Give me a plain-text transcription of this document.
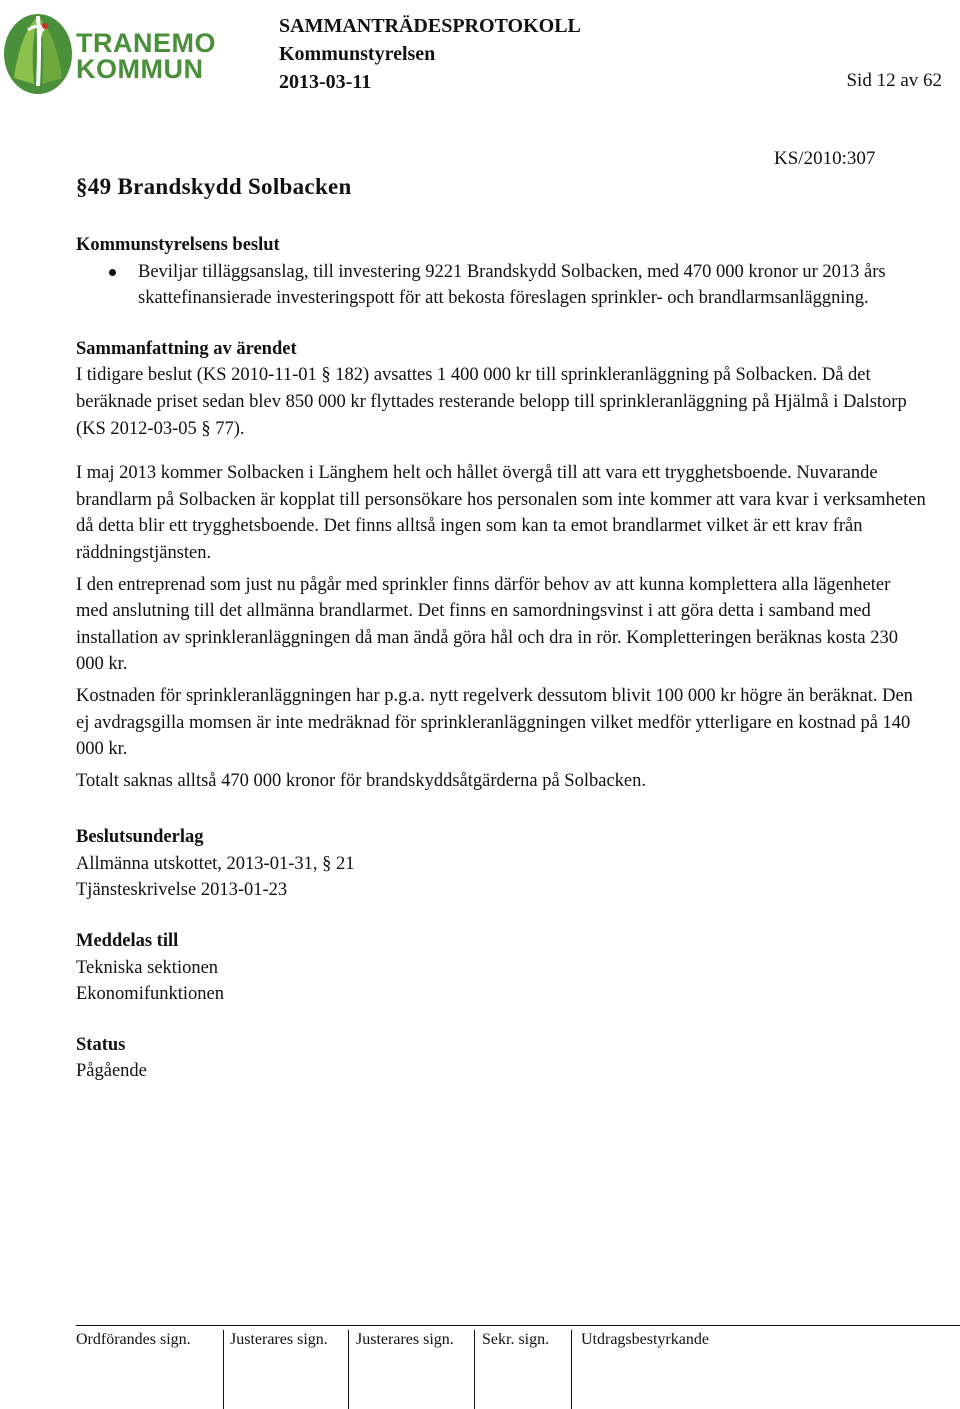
TRANEMO
KOMMUN
SAMMANTRÄDESPROTOKOLL
Kommunstyrelsen
2013-03-11	Sid 12 av 62
KS/2010:307
§49 Brandskydd Solbacken

Kommunstyrelsens beslut

Beviljar tilläggsanslag, till investering 9221 Brandskydd Solbacken, med 470 000 kronor ur 2013 års skattefinansierade investeringspott för att bekosta föreslagen sprinkler- och brandlarmsanläggning.

Sammanfattning av ärendet

I tidigare beslut (KS 2010-11-01 § 182) avsattes 1 400 000 kr till sprinkleranläggning på Solbacken. Då det beräknade priset sedan blev 850 000 kr flyttades resterande belopp till sprinkleranläggning på Hjälmå i Dalstorp (KS 2012-03-05 § 77).

I maj 2013 kommer Solbacken i Länghem helt och hållet övergå till att vara ett trygghetsboende. Nuvarande brandlarm på Solbacken är kopplat till personsökare hos personalen som inte kommer att vara kvar i verksamheten då detta blir ett trygghetsboende. Det finns alltså ingen som kan ta emot brandlarmet vilket är ett krav från räddningstjänsten.

I den entreprenad som just nu pågår med sprinkler finns därför behov av att kunna komplettera alla lägenheter med anslutning till det allmänna brandlarmet. Det finns en samordningsvinst i att göra detta i samband med installation av sprinkleranläggningen då man ändå göra hål och dra in rör. Kompletteringen beräknas kosta 230 000 kr.

Kostnaden för sprinkleranläggningen har p.g.a. nytt regelverk dessutom blivit 100 000 kr högre än beräknat. Den ej avdragsgilla momsen är inte medräknad för sprinkleranläggningen vilket medför ytterligare en kostnad på 140 000 kr.

Totalt saknas alltså 470 000 kronor för brandskyddsåtgärderna på Solbacken.

Beslutsunderlag

Allmänna utskottet, 2013-01-31, § 21

Tjänsteskrivelse 2013-01-23

Meddelas till

Tekniska sektionen

Ekonomifunktionen

Status

Pågående

Ordförandes sign. Justerares sign. Justerares sign. Sekr. sign. Utdragsbestyrkande
